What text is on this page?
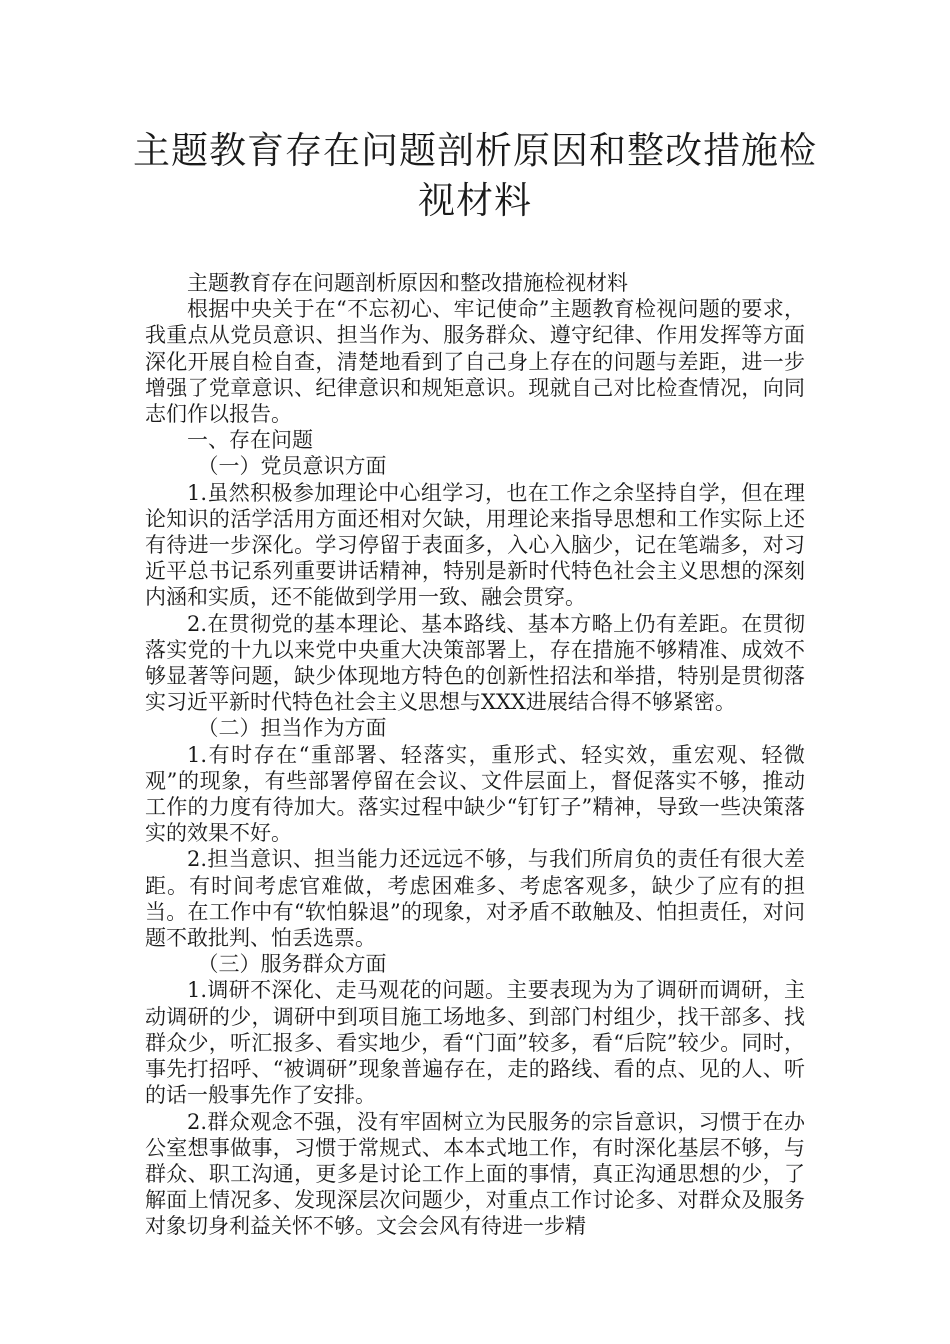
主题教育存在问题剖析原因和整改措施检视材料

主题教育存在问题剖析原因和整改措施检视材料

根据中央关于在“不忘初心、牢记使命”主题教育检视问题的要求，我重点从党员意识、担当作为、服务群众、遵守纪律、作用发挥等方面深化开展自检自查，清楚地看到了自己身上存在的问题与差距，进一步增强了党章意识、纪律意识和规矩意识。现就自己对比检查情况，向同志们作以报告。

一、存在问题

（一）党员意识方面

1.虽然积极参加理论中心组学习，也在工作之余坚持自学，但在理论知识的活学活用方面还相对欠缺，用理论来指导思想和工作实际上还有待进一步深化。学习停留于表面多，入心入脑少，记在笔端多，对习近平总书记系列重要讲话精神，特别是新时代特色社会主义思想的深刻内涵和实质，还不能做到学用一致、融会贯穿。

2.在贯彻党的基本理论、基本路线、基本方略上仍有差距。在贯彻落实党的十九以来党中央重大决策部署上，存在措施不够精准、成效不够显著等问题，缺少体现地方特色的创新性招法和举措，特别是贯彻落实习近平新时代特色社会主义思想与XXX进展结合得不够紧密。

（二）担当作为方面

1.有时存在“重部署、轻落实，重形式、轻实效，重宏观、轻微观”的现象，有些部署停留在会议、文件层面上，督促落实不够，推动工作的力度有待加大。落实过程中缺少“钉钉子”精神，导致一些决策落实的效果不好。

2.担当意识、担当能力还远远不够，与我们所肩负的责任有很大差距。有时间考虑官难做，考虑困难多、考虑客观多，缺少了应有的担当。在工作中有“软怕躲退”的现象，对矛盾不敢触及、怕担责任，对问题不敢批判、怕丢选票。

（三）服务群众方面

1.调研不深化、走马观花的问题。主要表现为为了调研而调研，主动调研的少，调研中到项目施工场地多、到部门村组少，找干部多、找群众少，听汇报多、看实地少，看“门面”较多，看“后院”较少。同时，事先打招呼、“被调研”现象普遍存在，走的路线、看的点、见的人、听的话一般事先作了安排。

2.群众观念不强，没有牢固树立为民服务的宗旨意识，习惯于在办公室想事做事，习惯于常规式、本本式地工作，有时深化基层不够，与群众、职工沟通，更多是讨论工作上面的事情，真正沟通思想的少，了解面上情况多、发现深层次问题少，对重点工作讨论多、对群众及服务对象切身利益关怀不够。文会会风有待进一步精
